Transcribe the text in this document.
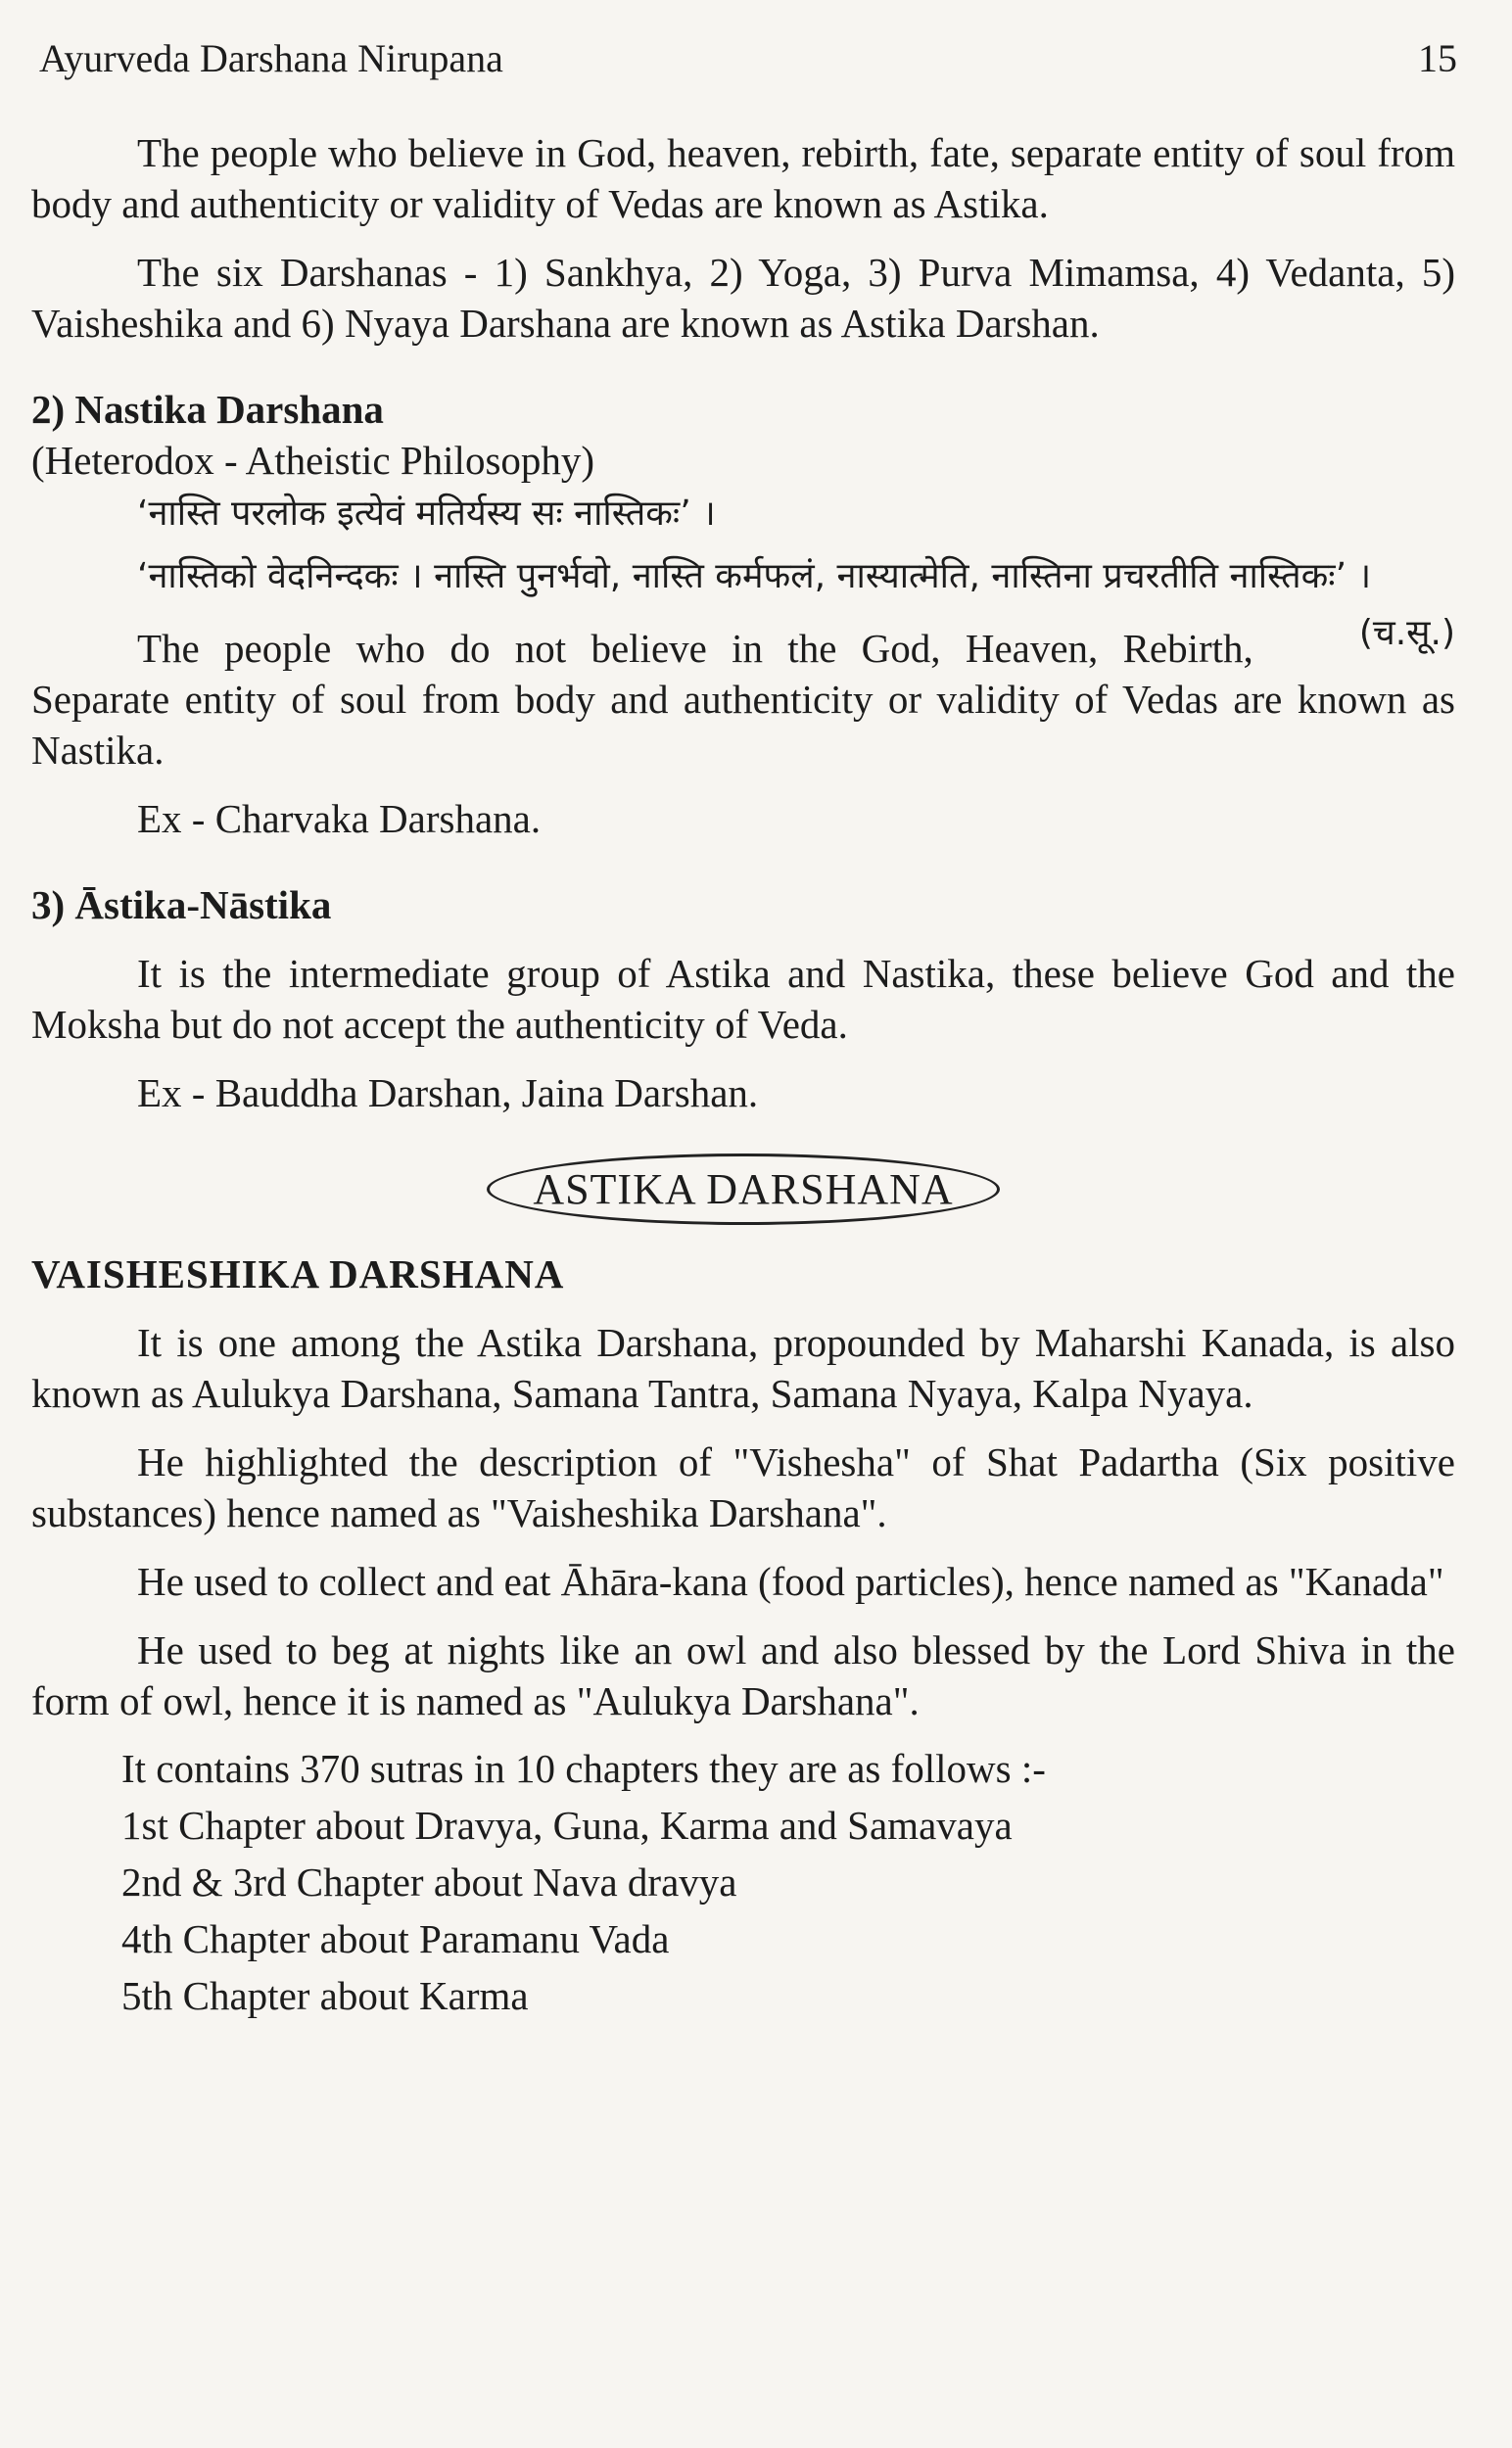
Ayurveda Darshana Nirupana	15

The people who believe in God, heaven, rebirth, fate, separate entity of soul from body and authenticity or validity of Vedas are known as Astika.

The six Darshanas - 1) Sankhya, 2) Yoga, 3) Purva Mimamsa, 4) Vedanta, 5) Vaisheshika and 6) Nyaya Darshana are known as Astika Darshan.

2) Nastika Darshana
(Heterodox - Atheistic Philosophy)

‘नास्ति परलोक इत्येवं मतिर्यस्य सः नास्तिकः’ ।

‘नास्तिको वेदनिन्दकः । नास्ति पुनर्भवो, नास्ति कर्मफलं, नास्यात्मेति, नास्तिना प्रचरतीति नास्तिकः’ ।
(च.सू.)

The people who do not believe in the God, Heaven, Rebirth, Separate entity of soul from body and authenticity or validity of Vedas are known as Nastika.

Ex - Charvaka Darshana.

3) Āstika-Nāstika

It is the intermediate group of Astika and Nastika, these believe God and the Moksha but do not accept the authenticity of Veda.

Ex - Bauddha Darshan, Jaina Darshan.

ASTIKA DARSHANA
VAISHESHIKA DARSHANA

It is one among the Astika Darshana, propounded by Maharshi Kanada, is also known as Aulukya Darshana, Samana Tantra, Samana Nyaya, Kalpa Nyaya.

He highlighted the description of "Vishesha" of Shat Padartha (Six positive substances) hence named as "Vaisheshika Darshana".

He used to collect and eat Āhāra-kana (food particles), hence named as "Kanada"

He used to beg at nights like an owl and also blessed by the Lord Shiva in the form of owl, hence it is named as "Aulukya Darshana".

It contains 370 sutras in 10 chapters they are as follows :-

1st Chapter about Dravya, Guna, Karma and Samavaya

2nd & 3rd Chapter about Nava dravya

4th Chapter about Paramanu Vada

5th Chapter about Karma
